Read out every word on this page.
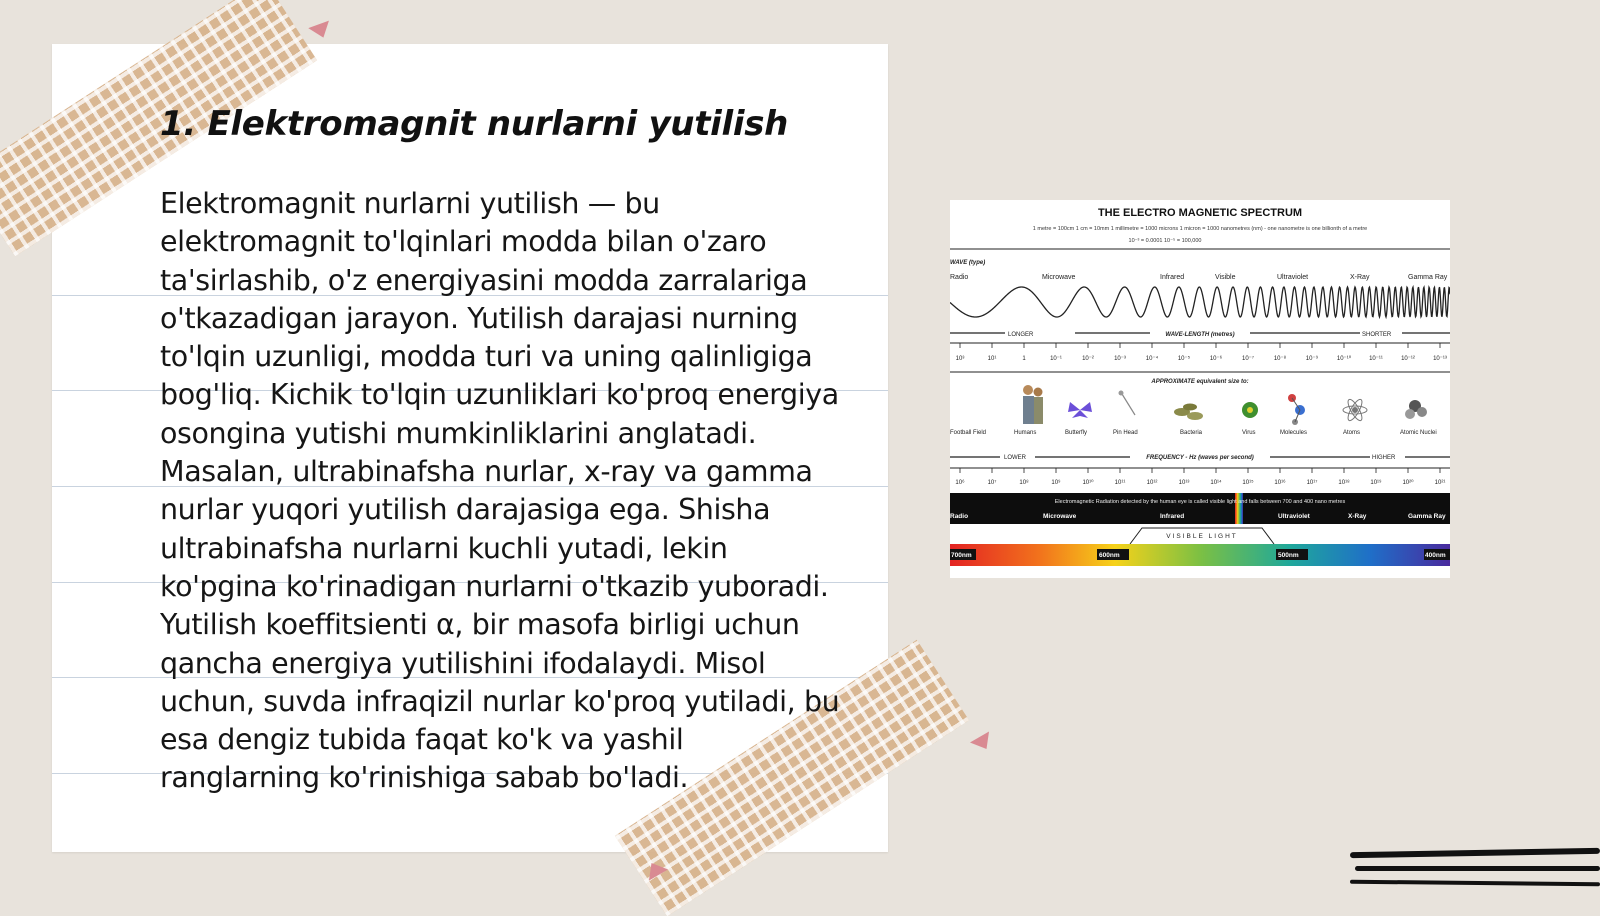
1. Elektromagnit nurlarni yutilish

Elektromagnit nurlarni yutilish — bu elektromagnit to'lqinlari modda bilan o'zaro ta'sirlashib, o'z energiyasini modda zarralariga o'tkazadigan jarayon. Yutilish darajasi nurning to'lqin uzunligi, modda turi va uning qalinligiga bog'liq. Kichik to'lqin uzunliklari ko'proq energiya osongina yutishi mumkinliklarini anglatadi. Masalan, ultrabinafsha nurlar, x-ray va gamma nurlar yuqori yutilish darajasiga ega. Shisha ultrabinafsha nurlarni kuchli yutadi, lekin ko'pgina ko'rinadigan nurlarni o'tkazib yuboradi. Yutilish koeffitsienti α, bir masofa birligi uchun qancha energiya yutilishini ifodalaydi. Misol uchun, suvda infraqizil nurlar ko'proq yutiladi, bu esa dengiz tubida faqat ko'k va yashil ranglarning ko'rinishiga sabab bo'ladi.

THE ELECTRO MAGNETIC SPECTRUM
1 metre = 100cm 1 cm = 10mm 1 millimetre = 1000 microns 1 micron = 1000 nanometres (nm) - one nanometre is one billionth of a metre
10⁻³ = 0.0001 10⁻⁵ = 100,000
WAVE (type)
Radio	Microwave	Infrared	Visible	Ultraviolet	X-Ray	Gamma Ray
LONGER	WAVE-LENGTH (metres)	SHORTER
10³	10¹	1	10⁻¹	10⁻²	10⁻³	10⁻⁴	10⁻⁵	10⁻⁶	10⁻⁷	10⁻⁸	10⁻⁹	10⁻¹⁰	10⁻¹¹	10⁻¹²	10⁻¹³
APPROXIMATE equivalent size to:
Football Field	Humans	Butterfly	Pin Head	Bacteria	Virus	Molecules	Atoms	Atomic Nuclei
LOWER	FREQUENCY - Hz (waves per second)	HIGHER
10⁶	10⁷	10⁸	10⁹	10¹⁰	10¹¹	10¹²	10¹³	10¹⁴	10¹⁵	10¹⁶	10¹⁷	10¹⁸	10¹⁹	10²⁰	10²¹
Electromagnetic Radiation detected by the human eye is called visible light and falls between 700 and 400 nano metres
Radio	Microwave	Infrared	Ultraviolet	X-Ray	Gamma Ray
VISIBLE LIGHT
700nm	600nm	500nm	400nm
